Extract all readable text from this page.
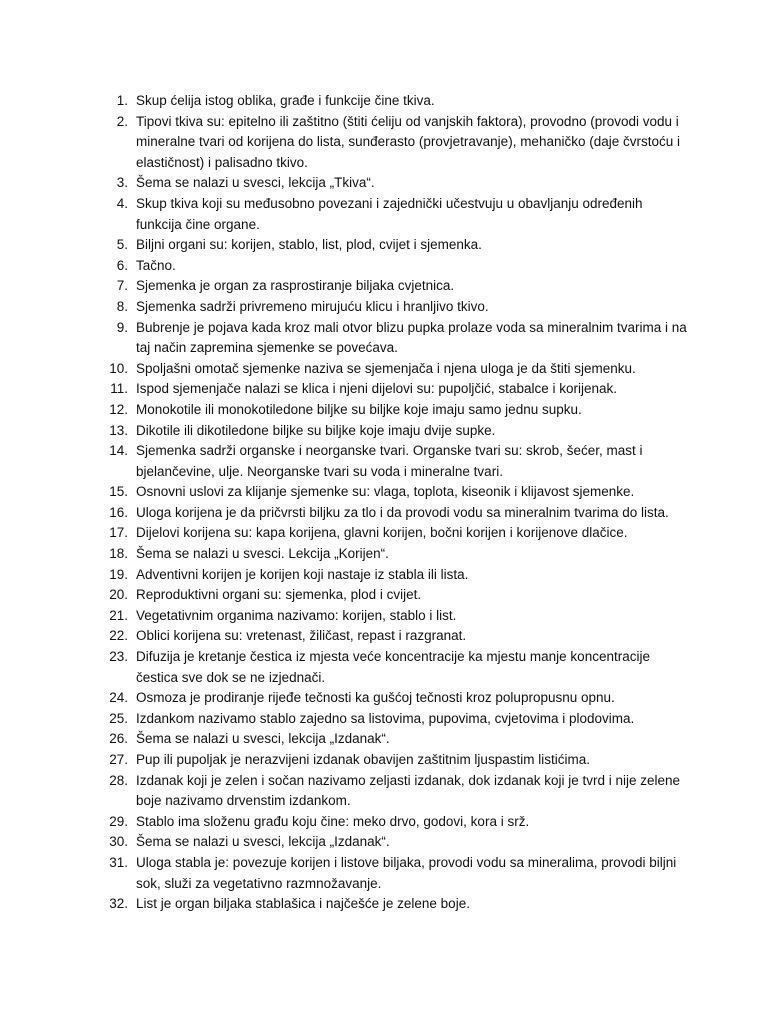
1. Skup ćelija istog oblika, građe i funkcije čine tkiva.
2. Tipovi tkiva su: epitelno ili zaštitno (štiti ćeliju od vanjskih faktora), provodno (provodi vodu i mineralne tvari od korijena do lista, sunđerasto (provjetravanje), mehaničko (daje čvrstoću i elastičnost) i palisadno tkivo.
3. Šema se nalazi u svesci, lekcija „Tkiva“.
4. Skup tkiva koji su međusobno povezani i zajednički učestvuju u obavljanju određenih funkcija čine organe.
5. Biljni organi su: korijen, stablo, list, plod, cvijet i sjemenka.
6. Tačno.
7. Sjemenka je organ za rasprostiranje biljaka cvjetnica.
8. Sjemenka sadrži privremeno mirujuću klicu i hranljivo tkivo.
9. Bubrenje je pojava kada kroz mali otvor blizu pupka prolaze voda sa mineralnim tvarima i na taj način zapremina sjemenke se povećava.
10. Spoljašni omotač sjemenke naziva se sjemenjača i njena uloga je da štiti sjemenku.
11. Ispod sjemenjače nalazi se klica i njeni dijelovi su: pupoljčić, stabalce i korijenak.
12. Monokotile ili monokotiledone biljke su biljke koje imaju samo jednu supku.
13. Dikotile ili dikotiledone bilјke su biljke koje imaju dvije supke.
14. Sjemenka sadrži organske i neorganske tvari. Organske tvari su: skrob, šećer, mast i bjelančevine, ulje. Neorganske tvari su voda i mineralne tvari.
15. Osnovni uslovi za klijanje sjemenke su: vlaga, toplota, kiseonik i klijavost sjemenke.
16. Uloga korijena je da pričvrsti biljku za tlo i da provodi vodu sa mineralnim tvarima do lista.
17. Dijelovi korijena su: kapa korijena, glavni korijen, bočni korijen i korijenove dlačice.
18. Šema se nalazi u svesci. Lekcija „Korijen“.
19. Adventivni korijen je korijen koji nastaje iz stabla ili lista.
20. Reproduktivni organi su: sjemenka, plod i cvijet.
21. Vegetativnim organima nazivamo: korijen, stablo i list.
22. Oblici korijena su: vretenast, žiličast, repast i razgranat.
23. Difuzija je kretanje čestica iz mjesta veće koncentracije ka mjestu manje koncentracije čestica sve dok se ne izjednači.
24. Osmoza je prodiranje rijeđe tečnosti ka gušćoj tečnosti kroz polupropusnu opnu.
25. Izdankom nazivamo stablo zajedno sa listovima, pupovima, cvjetovima i plodovima.
26. Šema se nalazi u svesci, lekcija „Izdanak“.
27. Pup ili pupoljak je nerazvijeni izdanak obavijen zaštitnim ljuspastim listićima.
28. Izdanak koji je zelen i sočan nazivamo zeljasti izdanak, dok izdanak koji je tvrd i nije zelene boje nazivamo drvenstim izdankom.
29. Stablo ima složenu građu koju čine: meko drvo, godovi, kora i srž.
30. Šema se nalazi u svesci, lekcija „Izdanak“.
31. Uloga stabla je: povezuje korijen i listove biljaka, provodi vodu sa mineralima, provodi biljni sok, služi za vegetativno razmnožavanje.
32. List je organ biljaka stablašica i najčešće je zelene boje.
